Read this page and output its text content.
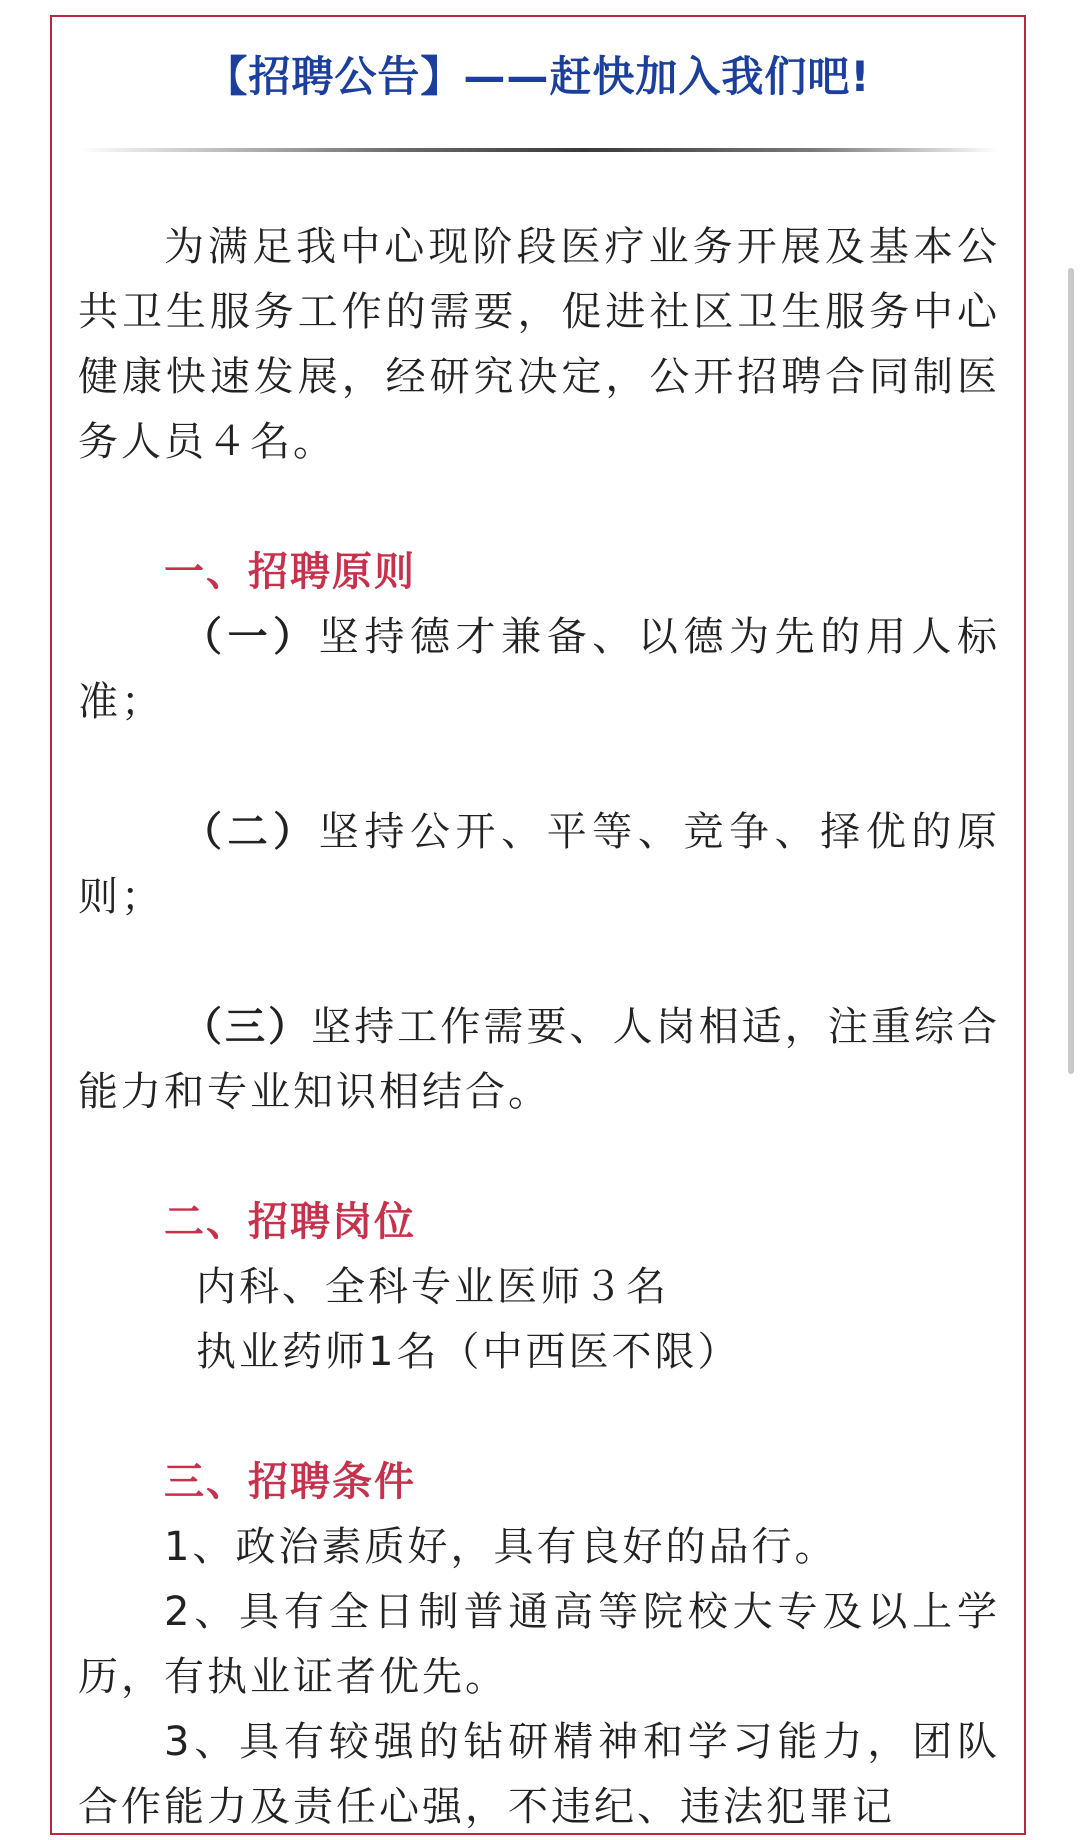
【招聘公告】——赶快加入我们吧!

为满足我中心现阶段医疗业务开展及基本公共卫生服务工作的需要，促进社区卫生服务中心健康快速发展，经研究决定，公开招聘合同制医务人员４名。

一、招聘原则

（一）坚持德才兼备、以德为先的用人标准；

（二）坚持公开、平等、竞争、择优的原则；

（三）坚持工作需要、人岗相适，注重综合能力和专业知识相结合。

二、招聘岗位

内科、全科专业医师３名

执业药师1名（中西医不限）

三、招聘条件

1、政治素质好，具有良好的品行。

2、具有全日制普通高等院校大专及以上学历，有执业证者优先。

3、具有较强的钻研精神和学习能力，团队合作能力及责任心强，不违纪、违法犯罪记
